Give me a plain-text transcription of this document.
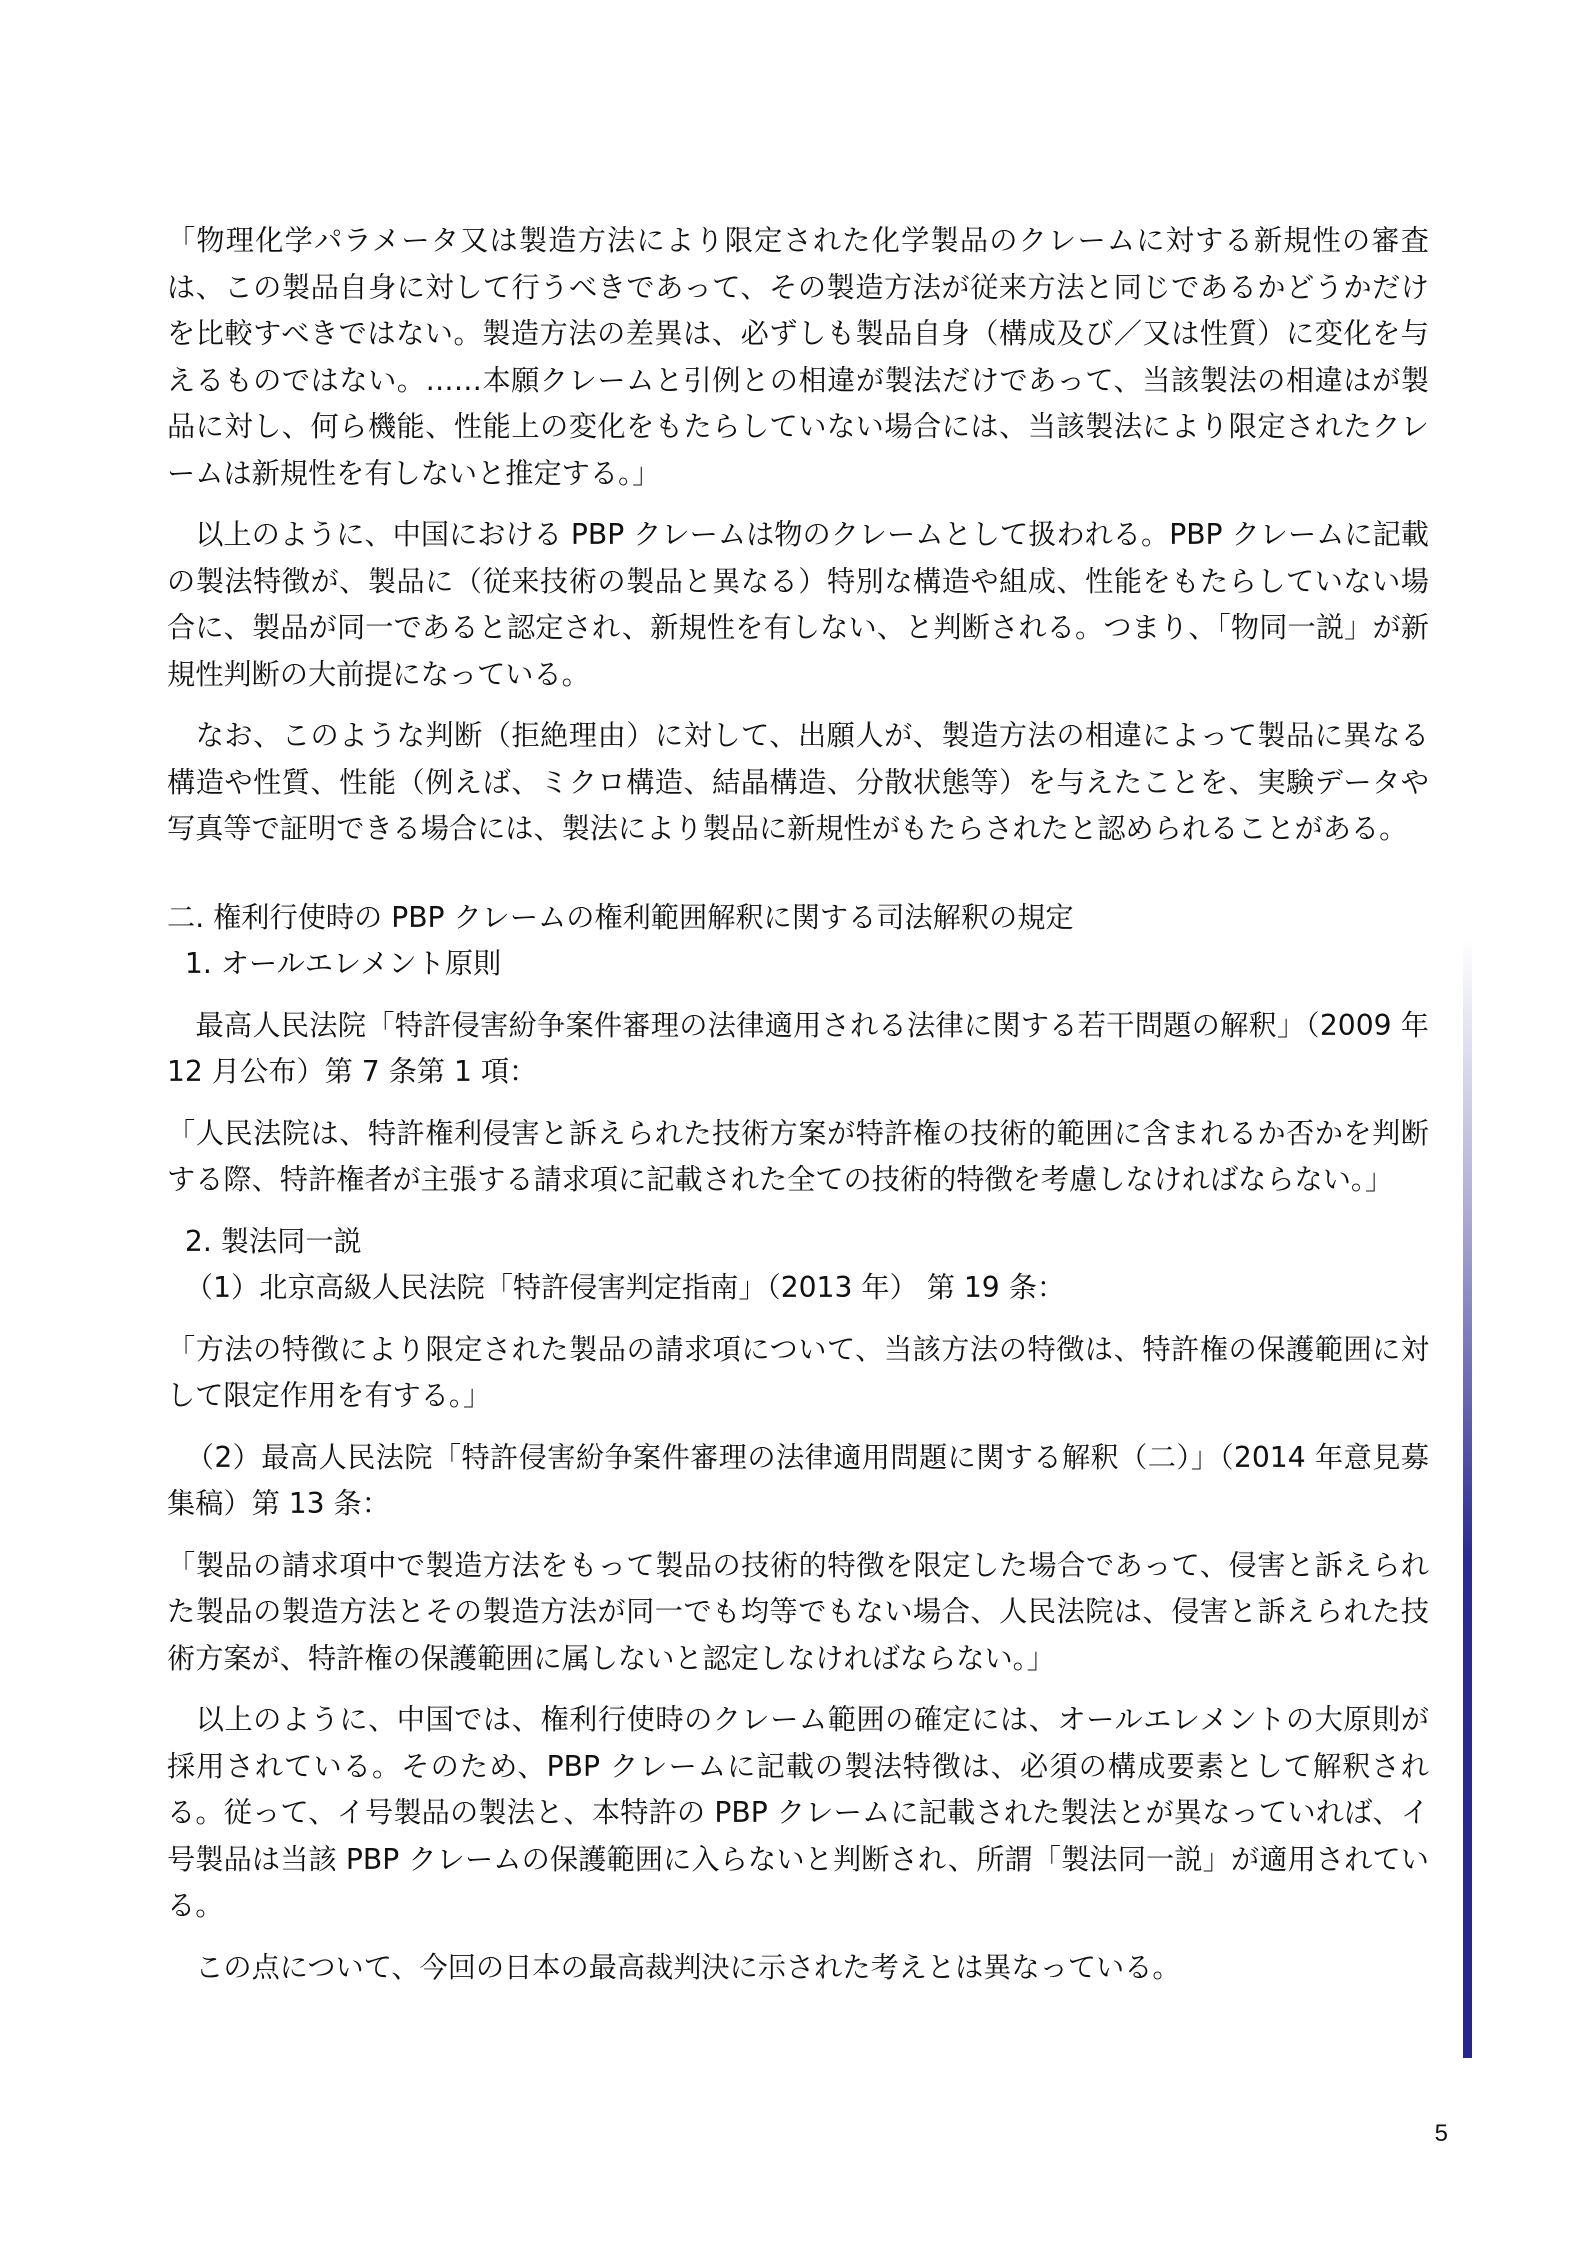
「物理化学パラメータ又は製造方法により限定された化学製品のクレームに対する新規性の審査は、この製品自身に対して行うべきであって、その製造方法が従来方法と同じであるかどうかだけを比較すべきではない。製造方法の差異は、必ずしも製品自身（構成及び／又は性質）に変化を与えるものではない。……本願クレームと引例との相違が製法だけであって、当該製法の相違はが製品に対し、何ら機能、性能上の変化をもたらしていない場合には、当該製法により限定されたクレームは新規性を有しないと推定する。」

　以上のように、中国における PBP クレームは物のクレームとして扱われる。PBP クレームに記載の製法特徴が、製品に（従来技術の製品と異なる）特別な構造や組成、性能をもたらしていない場合に、製品が同一であると認定され、新規性を有しない、と判断される。つまり、「物同一説」が新規性判断の大前提になっている。

　なお、このような判断（拒絶理由）に対して、出願人が、製造方法の相違によって製品に異なる構造や性質、性能（例えば、ミクロ構造、結晶構造、分散状態等）を与えたことを、実験データや写真等で証明できる場合には、製法により製品に新規性がもたらされたと認められることがある。

二. 権利行使時の PBP クレームの権利範囲解釈に関する司法解釈の規定

1. オールエレメント原則

　最高人民法院「特許侵害紛争案件審理の法律適用される法律に関する若干問題の解釈」（2009 年 12 月公布）第 7 条第 1 項：

「人民法院は、特許権利侵害と訴えられた技術方案が特許権の技術的範囲に含まれるか否かを判断する際、特許権者が主張する請求項に記載された全ての技術的特徴を考慮しなければならない。」

2. 製法同一説

（1）北京高級人民法院「特許侵害判定指南」（2013 年） 第 19 条：

「方法の特徴により限定された製品の請求項について、当該方法の特徴は、特許権の保護範囲に対して限定作用を有する。」

（2）最高人民法院「特許侵害紛争案件審理の法律適用問題に関する解釈（二）」（2014 年意見募集稿）第 13 条：

「製品の請求項中で製造方法をもって製品の技術的特徴を限定した場合であって、侵害と訴えられた製品の製造方法とその製造方法が同一でも均等でもない場合、人民法院は、侵害と訴えられた技術方案が、特許権の保護範囲に属しないと認定しなければならない。」

　以上のように、中国では、権利行使時のクレーム範囲の確定には、オールエレメントの大原則が採用されている。そのため、PBP クレームに記載の製法特徴は、必須の構成要素として解釈される。従って、イ号製品の製法と、本特許の PBP クレームに記載された製法とが異なっていれば、イ号製品は当該 PBP クレームの保護範囲に入らないと判断され、所謂「製法同一説」が適用されている。

　この点について、今回の日本の最高裁判決に示された考えとは異なっている。

5
